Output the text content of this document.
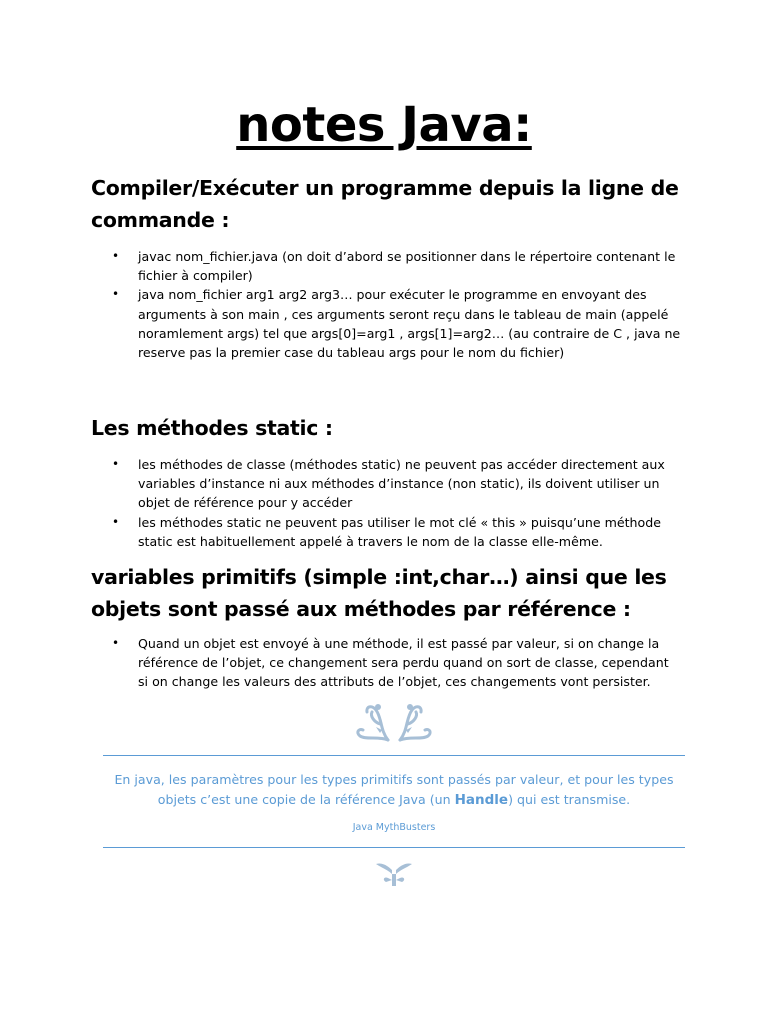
notes Java:
Compiler/Exécuter un programme depuis la ligne de commande :
• javac nom_fichier.java (on doit d’abord se positionner dans le répertoire contenant le fichier à compiler)
• java nom_fichier arg1 arg2 arg3… pour exécuter le programme en envoyant des arguments à son main , ces arguments seront reçu dans le tableau de main (appelé noramlement args) tel que args[0]=arg1 , args[1]=arg2… (au contraire de C , java ne reserve pas la premier case du tableau args pour le nom du fichier)
Les méthodes static :
• les méthodes de classe (méthodes static) ne peuvent pas accéder directement aux variables d’instance ni aux méthodes d’instance (non static), ils doivent utiliser un objet de référence pour y accéder
• les méthodes static ne peuvent pas utiliser le mot clé « this » puisqu’une méthode static est habituellement appelé à travers le nom de la classe elle-même.
variables primitifs (simple :int,char…) ainsi que les objets sont passé aux méthodes par référence :
• Quand un objet est envoyé à une méthode, il est passé par valeur, si on change la référence de l’objet, ce changement sera perdu quand on sort de classe, cependant si on change les valeurs des attributs de l’objet, ces changements vont persister.
En java, les paramètres pour les types primitifs sont passés par valeur, et pour les types objets c’est une copie de la référence Java (un Handle) qui est transmise.
Java MythBusters
